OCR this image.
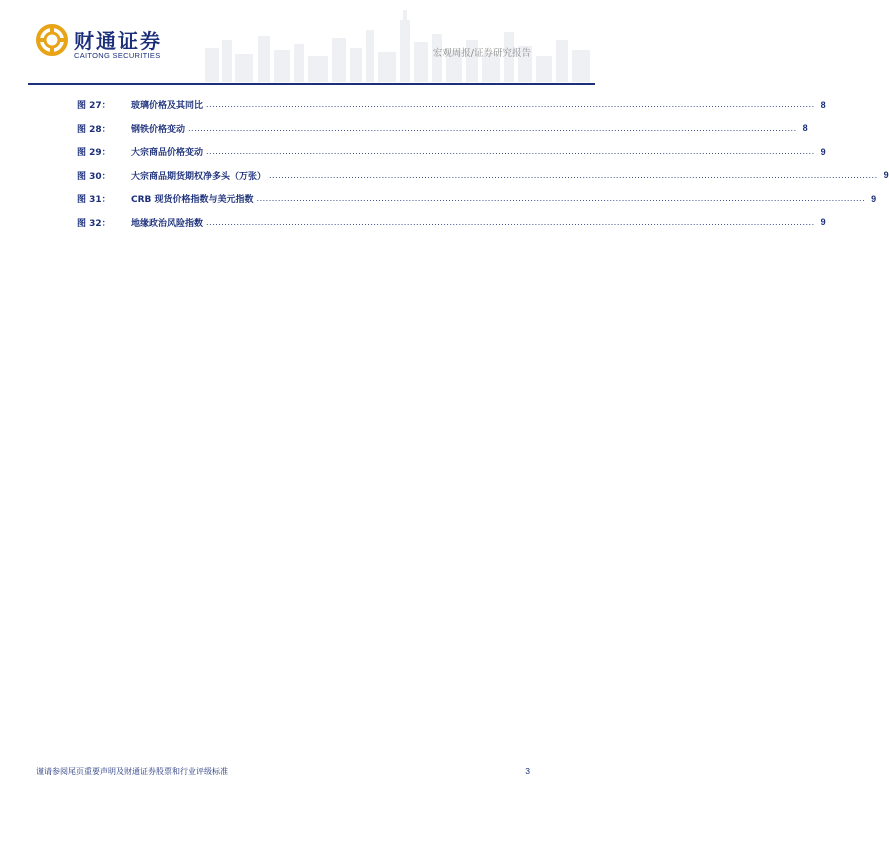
财通证券
CAITONG SECURITIES	宏观周报/证券研究报告
图 27：	玻璃价格及其同比 ........................................................................................................................................................................................................ 8
图 28：	钢铁价格变动 ........................................................................................................................................................................................................ 8
图 29：	大宗商品价格变动 ........................................................................................................................................................................................................ 9
图 30：	大宗商品期货期权净多头（万张） ........................................................................................................................................................................................................ 9
图 31：	CRB 现货价格指数与美元指数 ........................................................................................................................................................................................................ 9
图 32：	地缘政治风险指数 ........................................................................................................................................................................................................ 9
谨请参阅尾页重要声明及财通证券股票和行业评级标准	3
